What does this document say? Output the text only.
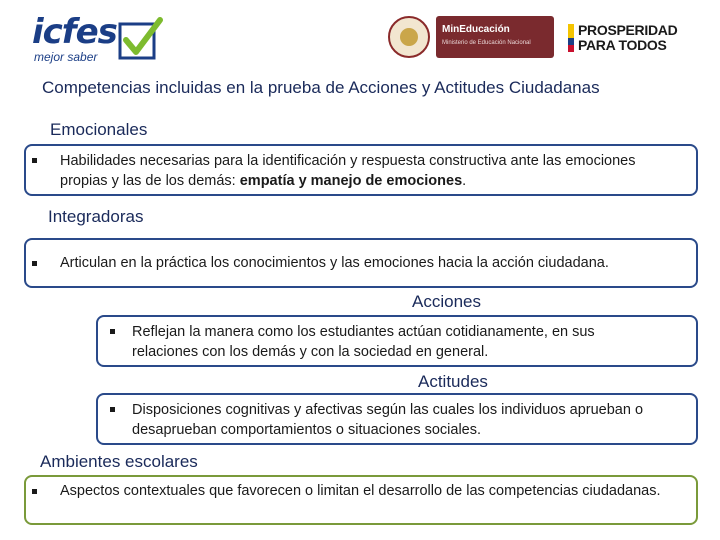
icfes
mejor saber
MinEducación
Ministerio de Educación Nacional
PROSPERIDAD
PARA TODOS
Competencias incluidas en la prueba de Acciones y Actitudes Ciudadanas
Emocionales
Habilidades necesarias para la identificación y respuesta constructiva ante las emociones propias y las de los demás: empatía y manejo de emociones.
Integradoras
Articulan en la práctica los conocimientos y las emociones hacia la acción ciudadana.
Acciones
Reflejan la manera como los estudiantes actúan cotidianamente, en sus relaciones con los demás y con la sociedad en general.
Actitudes
Disposiciones cognitivas y afectivas según las cuales los individuos aprueban o desaprueban comportamientos o situaciones sociales.
Ambientes escolares
Aspectos contextuales que favorecen o limitan el desarrollo de las competencias ciudadanas.
